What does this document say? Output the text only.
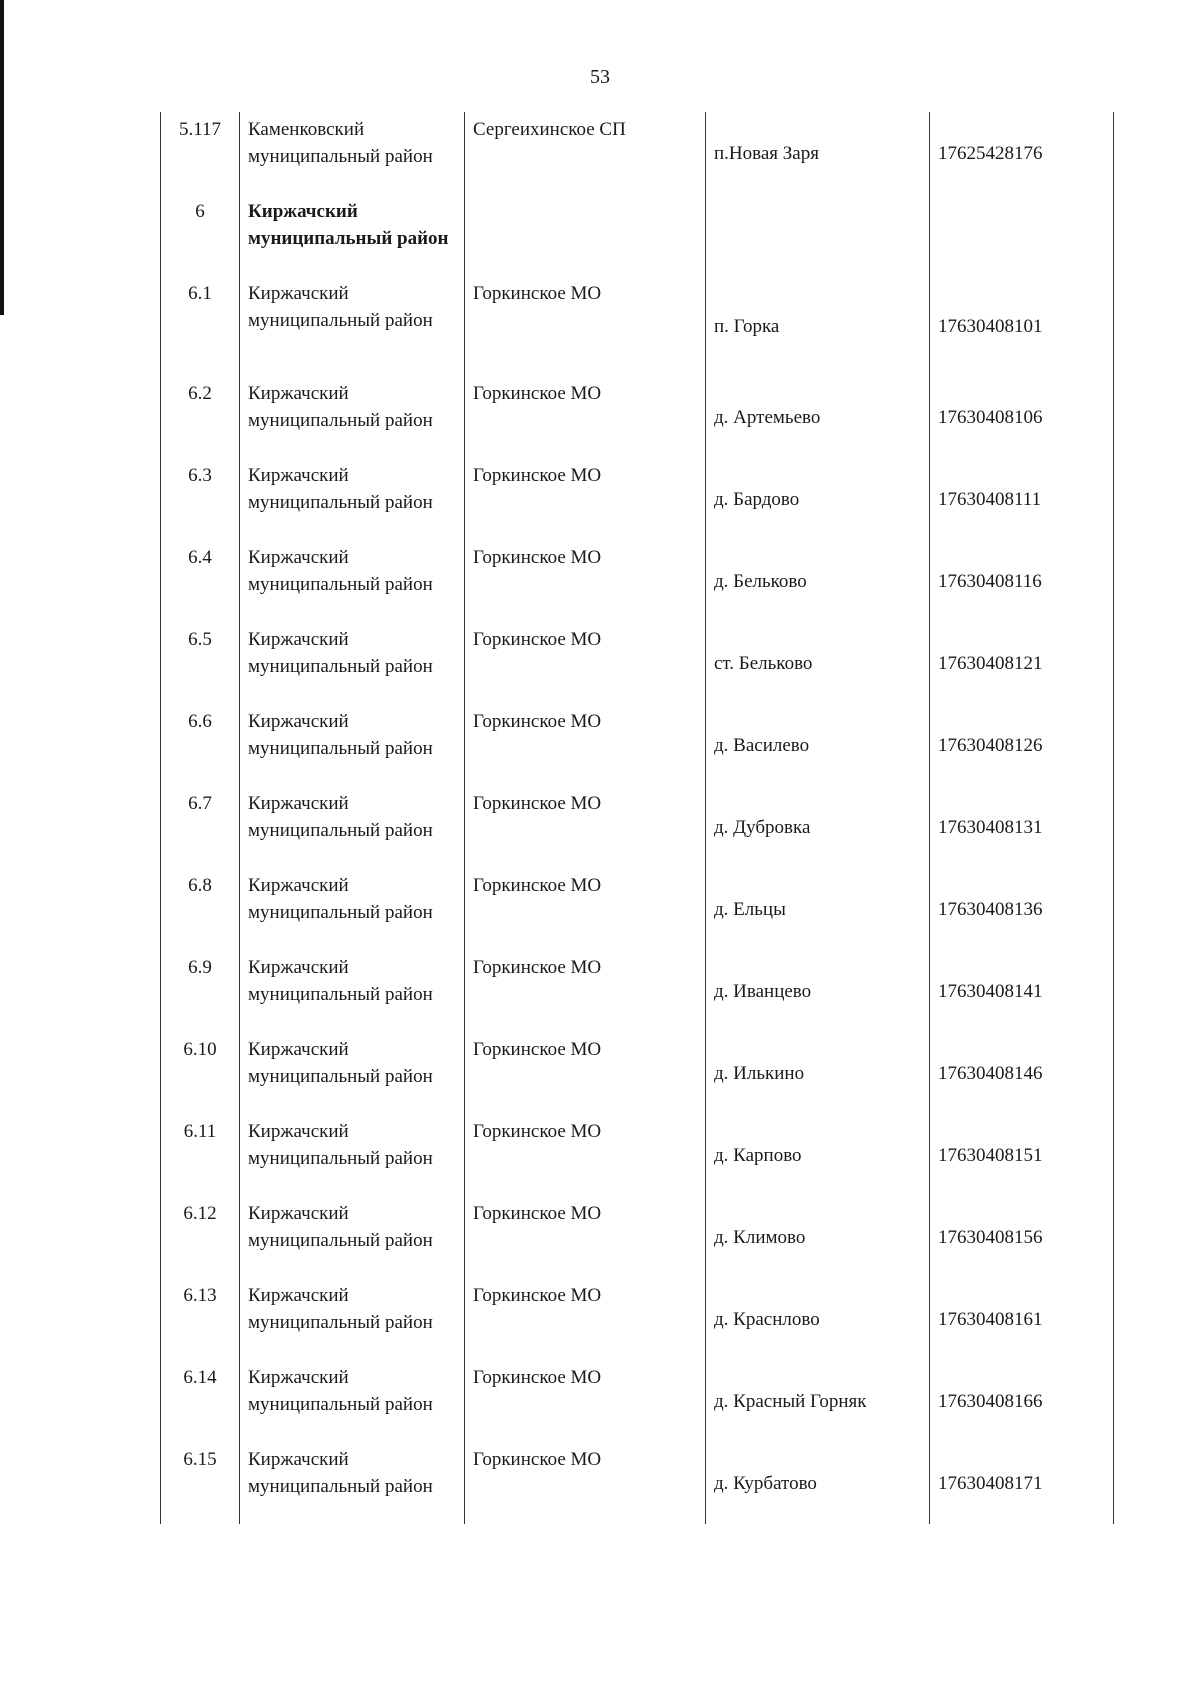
53
5.117	Каменковский муниципальный район	Сергеихинское СП	п.Новая Заря	17625428176
6	Киржачский муниципальный район			
6.1	Киржачский муниципальный район	Горкинское МО	п. Горка	17630408101
6.2	Киржачский муниципальный район	Горкинское МО	д. Артемьево	17630408106
6.3	Киржачский муниципальный район	Горкинское МО	д. Бардово	17630408111
6.4	Киржачский муниципальный район	Горкинское МО	д. Бельково	17630408116
6.5	Киржачский муниципальный район	Горкинское МО	ст. Бельково	17630408121
6.6	Киржачский муниципальный район	Горкинское МО	д. Василево	17630408126
6.7	Киржачский муниципальный район	Горкинское МО	д. Дубровка	17630408131
6.8	Киржачский муниципальный район	Горкинское МО	д. Ельцы	17630408136
6.9	Киржачский муниципальный район	Горкинское МО	д. Иванцево	17630408141
6.10	Киржачский муниципальный район	Горкинское МО	д. Илькино	17630408146
6.11	Киржачский муниципальный район	Горкинское МО	д. Карпово	17630408151
6.12	Киржачский муниципальный район	Горкинское МО	д. Климово	17630408156
6.13	Киржачский муниципальный район	Горкинское МО	д. Краснлово	17630408161
6.14	Киржачский муниципальный район	Горкинское МО	д. Красный Горняк	17630408166
6.15	Киржачский муниципальный район	Горкинское МО	д. Курбатово	17630408171
